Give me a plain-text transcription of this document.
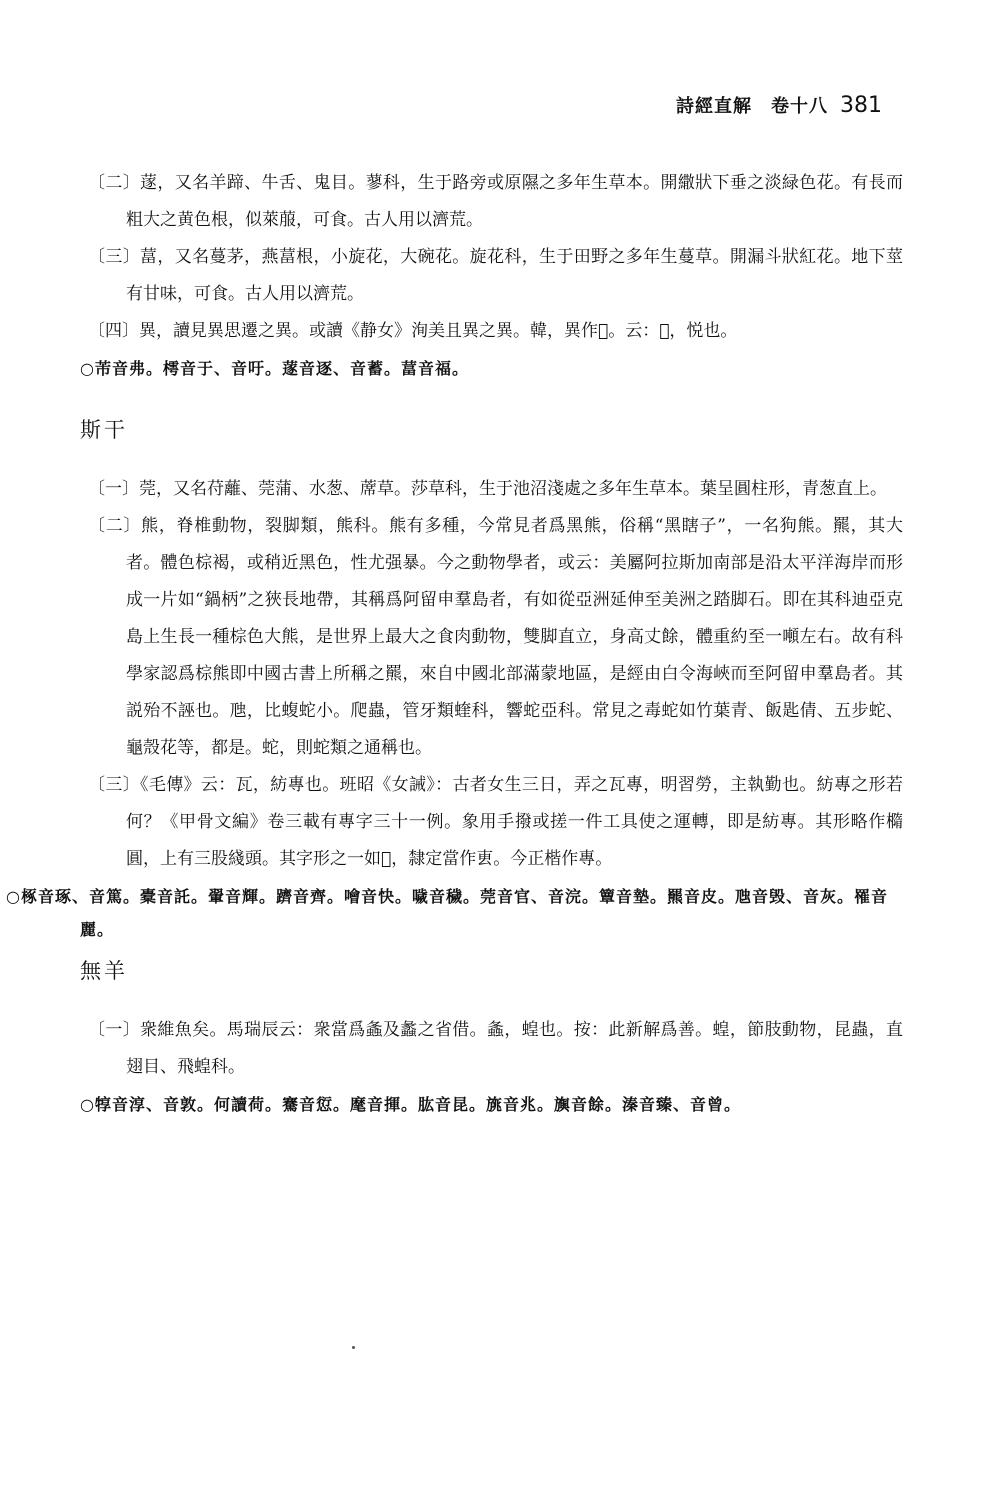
詩經直解　卷十八 381

〔二〕蓫，又名羊蹄、牛舌、鬼目。蓼科，生于路旁或原隰之多年生草本。開繖狀下垂之淡緑色花。有長而粗大之黄色根，似萊菔，可食。古人用以濟荒。

〔三〕葍，又名蔓茅，燕葍根，小旋花，大碗花。旋花科，生于田野之多年生蔓草。開漏斗狀紅花。地下莖有甘味，可食。古人用以濟荒。

〔四〕異，讀見異思遷之異。或讀《静女》洵美且異之異。韓，異作𢡺。云：𢡺，悦也。

○芾音弗。樗音于、音吁。蓫音逐、音蓄。葍音福。

斯干

〔一〕莞，又名苻蘺、莞蒲、水葱、蓆草。莎草科，生于池沼淺處之多年生草本。葉呈圓柱形，青葱直上。

〔二〕熊，脊椎動物，裂脚類，熊科。熊有多種，今常見者爲黑熊，俗稱“黑瞎子”，一名狗熊。羆，其大者。體色棕褐，或稍近黑色，性尤强暴。今之動物學者，或云：美屬阿拉斯加南部是沿太平洋海岸而形成一片如“鍋柄”之狹長地帶，其稱爲阿留申羣島者，有如從亞洲延伸至美洲之踏脚石。即在其科迪亞克島上生長一種棕色大熊，是世界上最大之食肉動物，雙脚直立，身高丈餘，體重約至一噸左右。故有科學家認爲棕熊即中國古書上所稱之羆，來自中國北部滿蒙地區，是經由白令海峽而至阿留申羣島者。其説殆不誣也。虺，比蝮蛇小。爬蟲，管牙類蝰科，響蛇亞科。常見之毒蛇如竹葉青、飯匙倩、五步蛇、龜殼花等，都是。蛇，則蛇類之通稱也。

〔三〕《毛傳》云：瓦，紡專也。班昭《女誡》：古者女生三日，弄之瓦專，明習勞，主執勤也。紡專之形若何？《甲骨文編》卷三載有專字三十一例。象用手撥或搓一件工具使之運轉，即是紡專。其形略作橢圓，上有三股綫頭。其字形之一如𢼸，隸定當作叀。今正楷作專。

○椓音琢、音篤。橐音託。翬音輝。躋音齊。噲音快。噦音穢。莞音官、音浣。簟音墊。羆音皮。虺音毁、音灰。罹音麗。

無羊

〔一〕衆維魚矣。馬瑞辰云：衆當爲螽及蠡之省借。螽，蝗也。按：此新解爲善。蝗，節肢動物，昆蟲，直翅目、飛蝗科。

○犉音淳、音敦。何讀荷。騫音愆。麾音揮。肱音昆。旐音兆。旟音餘。溱音臻、音曾。
